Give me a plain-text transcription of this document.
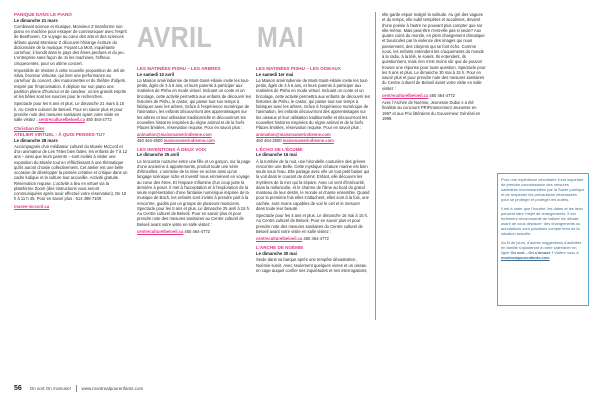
PANIQUE DANS LE PIANO
Le dimanche 21 mars

Combinant science et musique, Monsieur Z transforme son piano en machine pour essayer de communiquer avec l'esprit de Beethoven. Ce voyage au cœur des arts et des sciences débute quand Monsieur Z découvre l'étrange écriture du dictionnaire de la musique. Fuyant La Mort, inquiétante carrefour, il bondit dans le pays des âmes perdues et du jeu. L'entreprise sans façon de Jo les machines, l'affreux cinquecentes, pour un ultime concert.

Impossible de résister à cette nouvelle proposition de Jeli de Silva, brocteur virtuose, qui livre une performance au carrefour du concert, des marionnettes et du théâtre d'objets. Inspiré par l'improvisation. Il déploie sur son piano une partition pleine d'humour et de candeur, où les grands esprits et les bêtes sont les sources pour le recherches.

Spectacle pour les 6 ans et plus. Le dimanche 21 mars à 15 h. Au Centre culturel de Beloeil. Pour en savoir plus et pour prendre note des mesures sanitaires ayant votre visite en salle visitez : centreculturelbeloeil.ca 450 464-4772

Christian Dior
ATELIER VIRTUEL : À QUOI PENSES-TU?
Le dimanche 28 mars

Accompagnés d'un médiateur culturel du Musée McCord et d'un animateur de Les Tétes bien faites, les enfants de 7 à 12 ans – ainsi que leurs parents – sont invités à visiter une exposition du Musée tout en réfléchissant à une thématique qu'ils auront choisie collectivement. Cet atelier est une belle occasion de développer la pensée créative et critique dans un cadre ludique et la culture tout accueillie. Activité gratuite. Réservation requise. L'activité a lieu en virtuel via la plateforme Zoom (des instructions vous seront communiquées après avoir effectué votre réservation). De 10 h à 11 h 45. Pour en savoir plus : 514 398-7100

musee-mccord.ca

AVRIL MAI
LES MATINÉES PISHU – LES ARBRES
Le samedi 10 avril

La Maison amérindienne de Mont-Saint-Hilaire invite les tout-petits, âgés de 3 à 6 ans, et leurs parents à participer aux matinées de Pishu en mode virtuel. Incluant un conte et un bricolage, cette activité permettra aux enfants de découvrir les histoires de Pishu, le castor, qui passe tout son temps à fabriquer avec les arbres. Grâce à l'expérience numérique de l'animation, les enfants découvriront des apprentissages sur les arbres et leur utilisation traditionnelle et découvriront les nouvelles histoires inspirées du règne animal et de la forêt. Places limitées, réservation requise. Pour en savoir plus :

animation@maisonamerindienne.com
450 464-2500 maisonamerindienne.com

LES INVENTIONS À DEUX VOIX
Le dimanche 25 avril

La rencontre nocturne entre une fille et un garçon, sur la page d'une ancienne à appartements, produit toute une série d'étincelles. L'onirisme de la mise en scène ainsi qu'un langage scénique riche et inventif nous emmènent en voyage au cœur des êtres. Et l'espace s'illumine d'un coup juste la dernière à poser. Il met à l'acceptation et à l'exploration de la seule représentation d'une fantaisie numérique inspirée de la musique de Bach, les enfants sont invités à prendre part à la rencontre, guidés par un groupe de plusieurs musiciens. Spectacle pour les 5 ans et plus. Le dimanche 25 avril à 15 h. Au Centre culturel de Beloeil. Pour en savoir plus et pour prendre note des mesures sanitaires au Centre culturel de Beloeil avant votre visite en salle visitez :

centreculturelbeloeil.ca 450 464-4772

LES MATINÉES PISHU – LES OISEAUX
Le samedi 1er mai

La Maison amérindienne de Mont-Saint-Hilaire invite les tout-petits, âgés de 3 à 6 ans, et leurs parents à participer aux matinées de Pishu en mode virtuel. Incluant un conte et un bricolage, cette activité permettra aux enfants de découvrir les histoires de Pishu, le castor, qui passe tout son temps à fabriquer avec les arbres. Grâce à l'expérience numérique de l'animation, les enfants découvriront des apprentissages sur les oiseaux et leur utilisation traditionnelle et découvriront les nouvelles histoires inspirées du règne animal et de la forêt. Places limitées, réservation requise. Pour en savoir plus :

animation@maisonamerindienne.com
450 464-2500 maisonamerindienne.com

L'ÉCHO DE L'ÉCUME
Le dimanche 16 mai

À la tombée de la nuit, une hirondelle couturière des grèves rencontre une Belle. Cette mystique créature marine est bien seule sous l'eau. Elle partage avec elle un tout petit baiser qui la voit dans le courant de dormir. Enfant, elle découvre les mystères de la mer qui la sépare. Avec un vent d'insécurité, dans la mélancolie, et le charme de l'âme au bord du grand manteau de leur destin, le monde et chante ensemble. Quand pour la première fois elles s'attachent, elles sont à la fois, une cachée, sont moins capables de voir le ciel et le mesurer dans toute leur beauté.

Spectacle pour les 4 ans et plus. Le dimanche 16 mai à 15 h. Au Centre culturel de Beloeil. Pour en savoir plus et pour prendre note des mesures sanitaires du Centre culturel de Beloeil avant votre visite en salle visitez :

centreculturelbeloeil.ca 450 464-4772

L'ARCHE DE NOÉMIE
Le dimanche 30 mai

Seule dans sa barque après une tempête dévastatrice, Noémie survit. Avec seulement quelques vivres et un oiseau en cage auquel confier ses inquiétudes et ses interrogations,

elle garde espoir malgré la solitude. Au gré des vagues et du temps, elle subit tempêtes et accalmies, devient d'une poésie à l'autre ne pouvant plus compter que sur elle-même. Mais peut-être n'est-elle pas si seule? Aux quatre coins du monde, en plein changement climatique et bouscules par la violence des images qui nous parviennent, des citoyens qui se font écho. Comme nous, les enfants entendent les craquements du monde à la radio, à la télé, le soient. Ils entendent, ils questionnent, mais rien n'est moins sûr que de pouvoir trouver une réponse pour toute question. Spectacle pour les 5 ans et plus. Le dimanche 30 mai à 15 h. Pour en savoir plus et pour prendre note des mesures sanitaires du Centre culturel de Beloeil avant votre visite en salle visitez :

centreculturelbeloeil.ca 450 464-4772

Avec l'Archée de Noémie, Jeunesse Duboi s a été finaliste au concours PRIFinancement Jeunesse en 1997 et aux Prix littéraires du Gouverneur Général en 1999.

Pour une expérience sécuritaire il est important de prendre connaissance des mesures sanitaires recommandées par la Santé publique et de respecter les précautions nécessaires pour se protéger et protéger les autres.

Il est à noter que l'horaire, les dates et les lieux peuvent faire l'objet de changements. Il est fortement recommandé de valider les détails avant de vous déplacer: des changements ou annulations sont possibles compte tenu de la situation actuelle.

Au fil de jours, d'autres suggestions d'activités en famille s'ajouteront à notre calendrier en ligne On sort…On s'amuse ! Visitez nous à montrealpourenfants.com

56 On sort On s'amuse! www.montrealpourenfants.com
